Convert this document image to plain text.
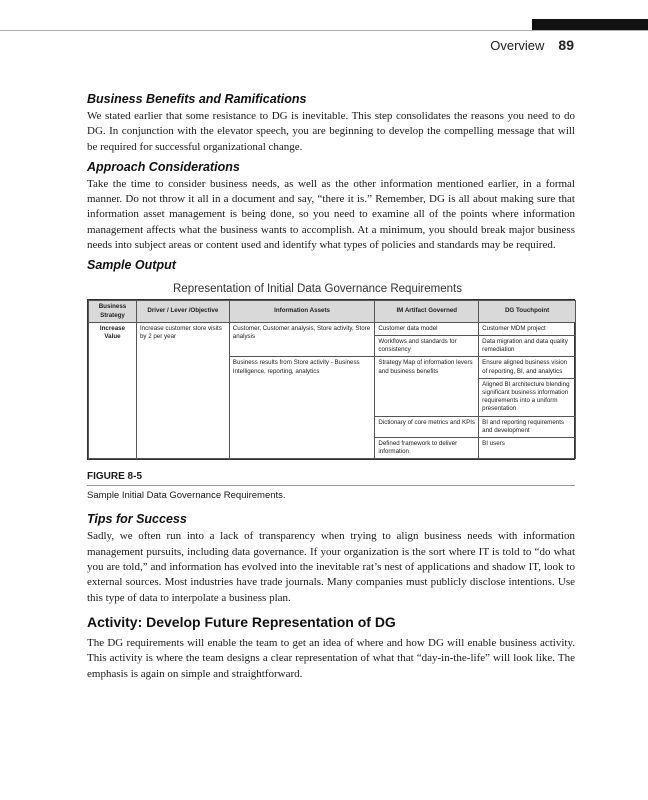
Overview 89
Business Benefits and Ramifications

We stated earlier that some resistance to DG is inevitable. This step consolidates the reasons you need to do DG. In conjunction with the elevator speech, you are beginning to develop the compelling message that will be required for successful organizational change.

Approach Considerations

Take the time to consider business needs, as well as the other information mentioned earlier, in a formal manner. Do not throw it all in a document and say, “there it is.” Remember, DG is all about making sure that information asset management is being done, so you need to examine all of the points where information management affects what the business wants to accomplish. At a minimum, you should break major business needs into subject areas or content used and identify what types of policies and standards may be required.

Sample Output
Representation of Initial Data Governance Requirements
Business Strategy	Driver / Lever /Objective	Information Assets	IM Artifact Governed	DG Touchpoint
Increase Value	Increase customer store visits by 2 per year	Customer, Customer analysis, Store activity, Store analysis	Customer data model	Customer MDM project
			Workflows and standards for consistency	Data migration and data quality remediation
		Business results from Store activity - Business Intelligence, reporting, analytics	Strategy Map of information levers and business benefits	Ensure aligned business vision of reporting, BI, and analytics
				Aligned BI architecture blending significant business information requirements into a uniform presentation
			Dictionary of core metrics and KPIs	BI and reporting requirements and development
			Defined framework to deliver information	BI users
FIGURE 8-5
Sample Initial Data Governance Requirements.
Tips for Success

Sadly, we often run into a lack of transparency when trying to align business needs with information management pursuits, including data governance. If your organization is the sort where IT is told to “do what you are told,” and information has evolved into the inevitable rat’s nest of applications and shadow IT, look to external sources. Most industries have trade journals. Many companies must publicly disclose intentions. Use this type of data to interpolate a business plan.

Activity: Develop Future Representation of DG

The DG requirements will enable the team to get an idea of where and how DG will enable business activity. This activity is where the team designs a clear representation of what that “day-in-the-life” will look like. The emphasis is again on simple and straightforward.
